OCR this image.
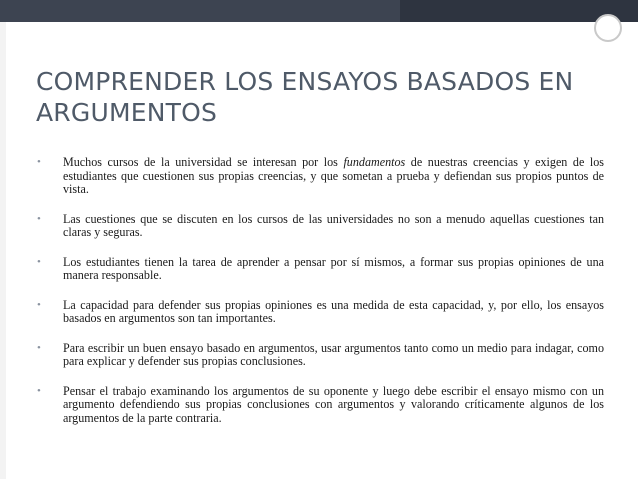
COMPRENDER LOS ENSAYOS BASADOS EN
ARGUMENTOS
• Muchos cursos de la universidad se interesan por los fundamentos de nuestras creencias y exigen de los estudiantes que cuestionen sus propias creencias, y que sometan a prueba y defiendan sus propios puntos de vista.
• Las cuestiones que se discuten en los cursos de las universidades no son a menudo aquellas cuestiones tan claras y seguras.
• Los estudiantes tienen la tarea de aprender a pensar por sí mismos, a formar sus propias opiniones de una manera responsable.
• La capacidad para defender sus propias opiniones es una medida de esta capacidad, y, por ello, los ensayos basados en argumentos son tan importantes.
• Para escribir un buen ensayo basado en argumentos, usar argumentos tanto como un medio para indagar, como para explicar y defender sus propias conclusiones.
• Pensar el trabajo examinando los argumentos de su oponente y luego debe escribir el ensayo mismo con un argumento defendiendo sus propias conclusiones con argumentos y valorando críticamente algunos de los argumentos de la parte contraria.
